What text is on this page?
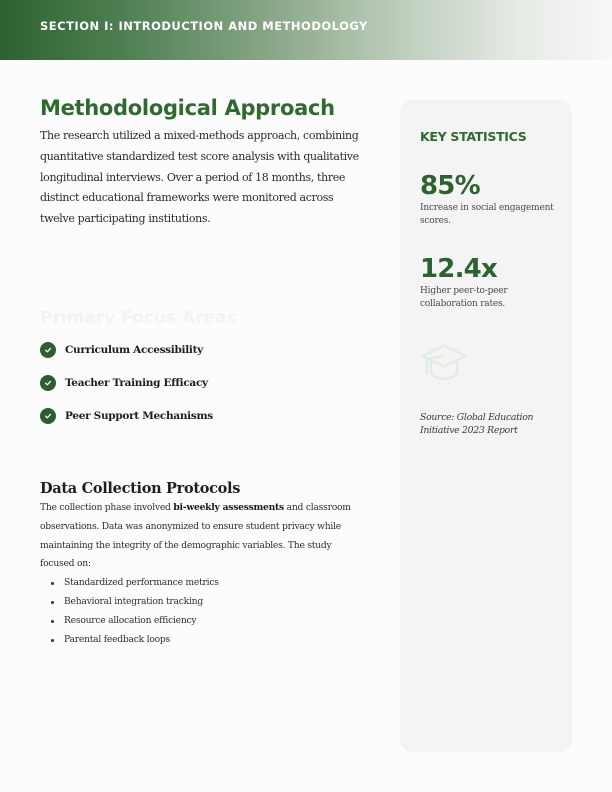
SECTION I: INTRODUCTION AND METHODOLOGY
Methodological Approach

The research utilized a mixed-methods approach, combining quantitative standardized test score analysis with qualitative longitudinal interviews. Over a period of 18 months, three distinct educational frameworks were monitored across twelve participating institutions.

Primary Focus Areas
Curriculum Accessibility
Teacher Training Efficacy
Peer Support Mechanisms
Data Collection Protocols

The collection phase involved bi-weekly assessments and classroom observations. Data was anonymized to ensure student privacy while maintaining the integrity of the demographic variables. The study focused on:

Standardized performance metrics
Behavioral integration tracking
Resource allocation efficiency
Parental feedback loops
KEY STATISTICS
85%
Increase in social engagement scores.
12.4x
Higher peer-to-peer collaboration rates.
Source: Global Education Initiative 2023 Report
